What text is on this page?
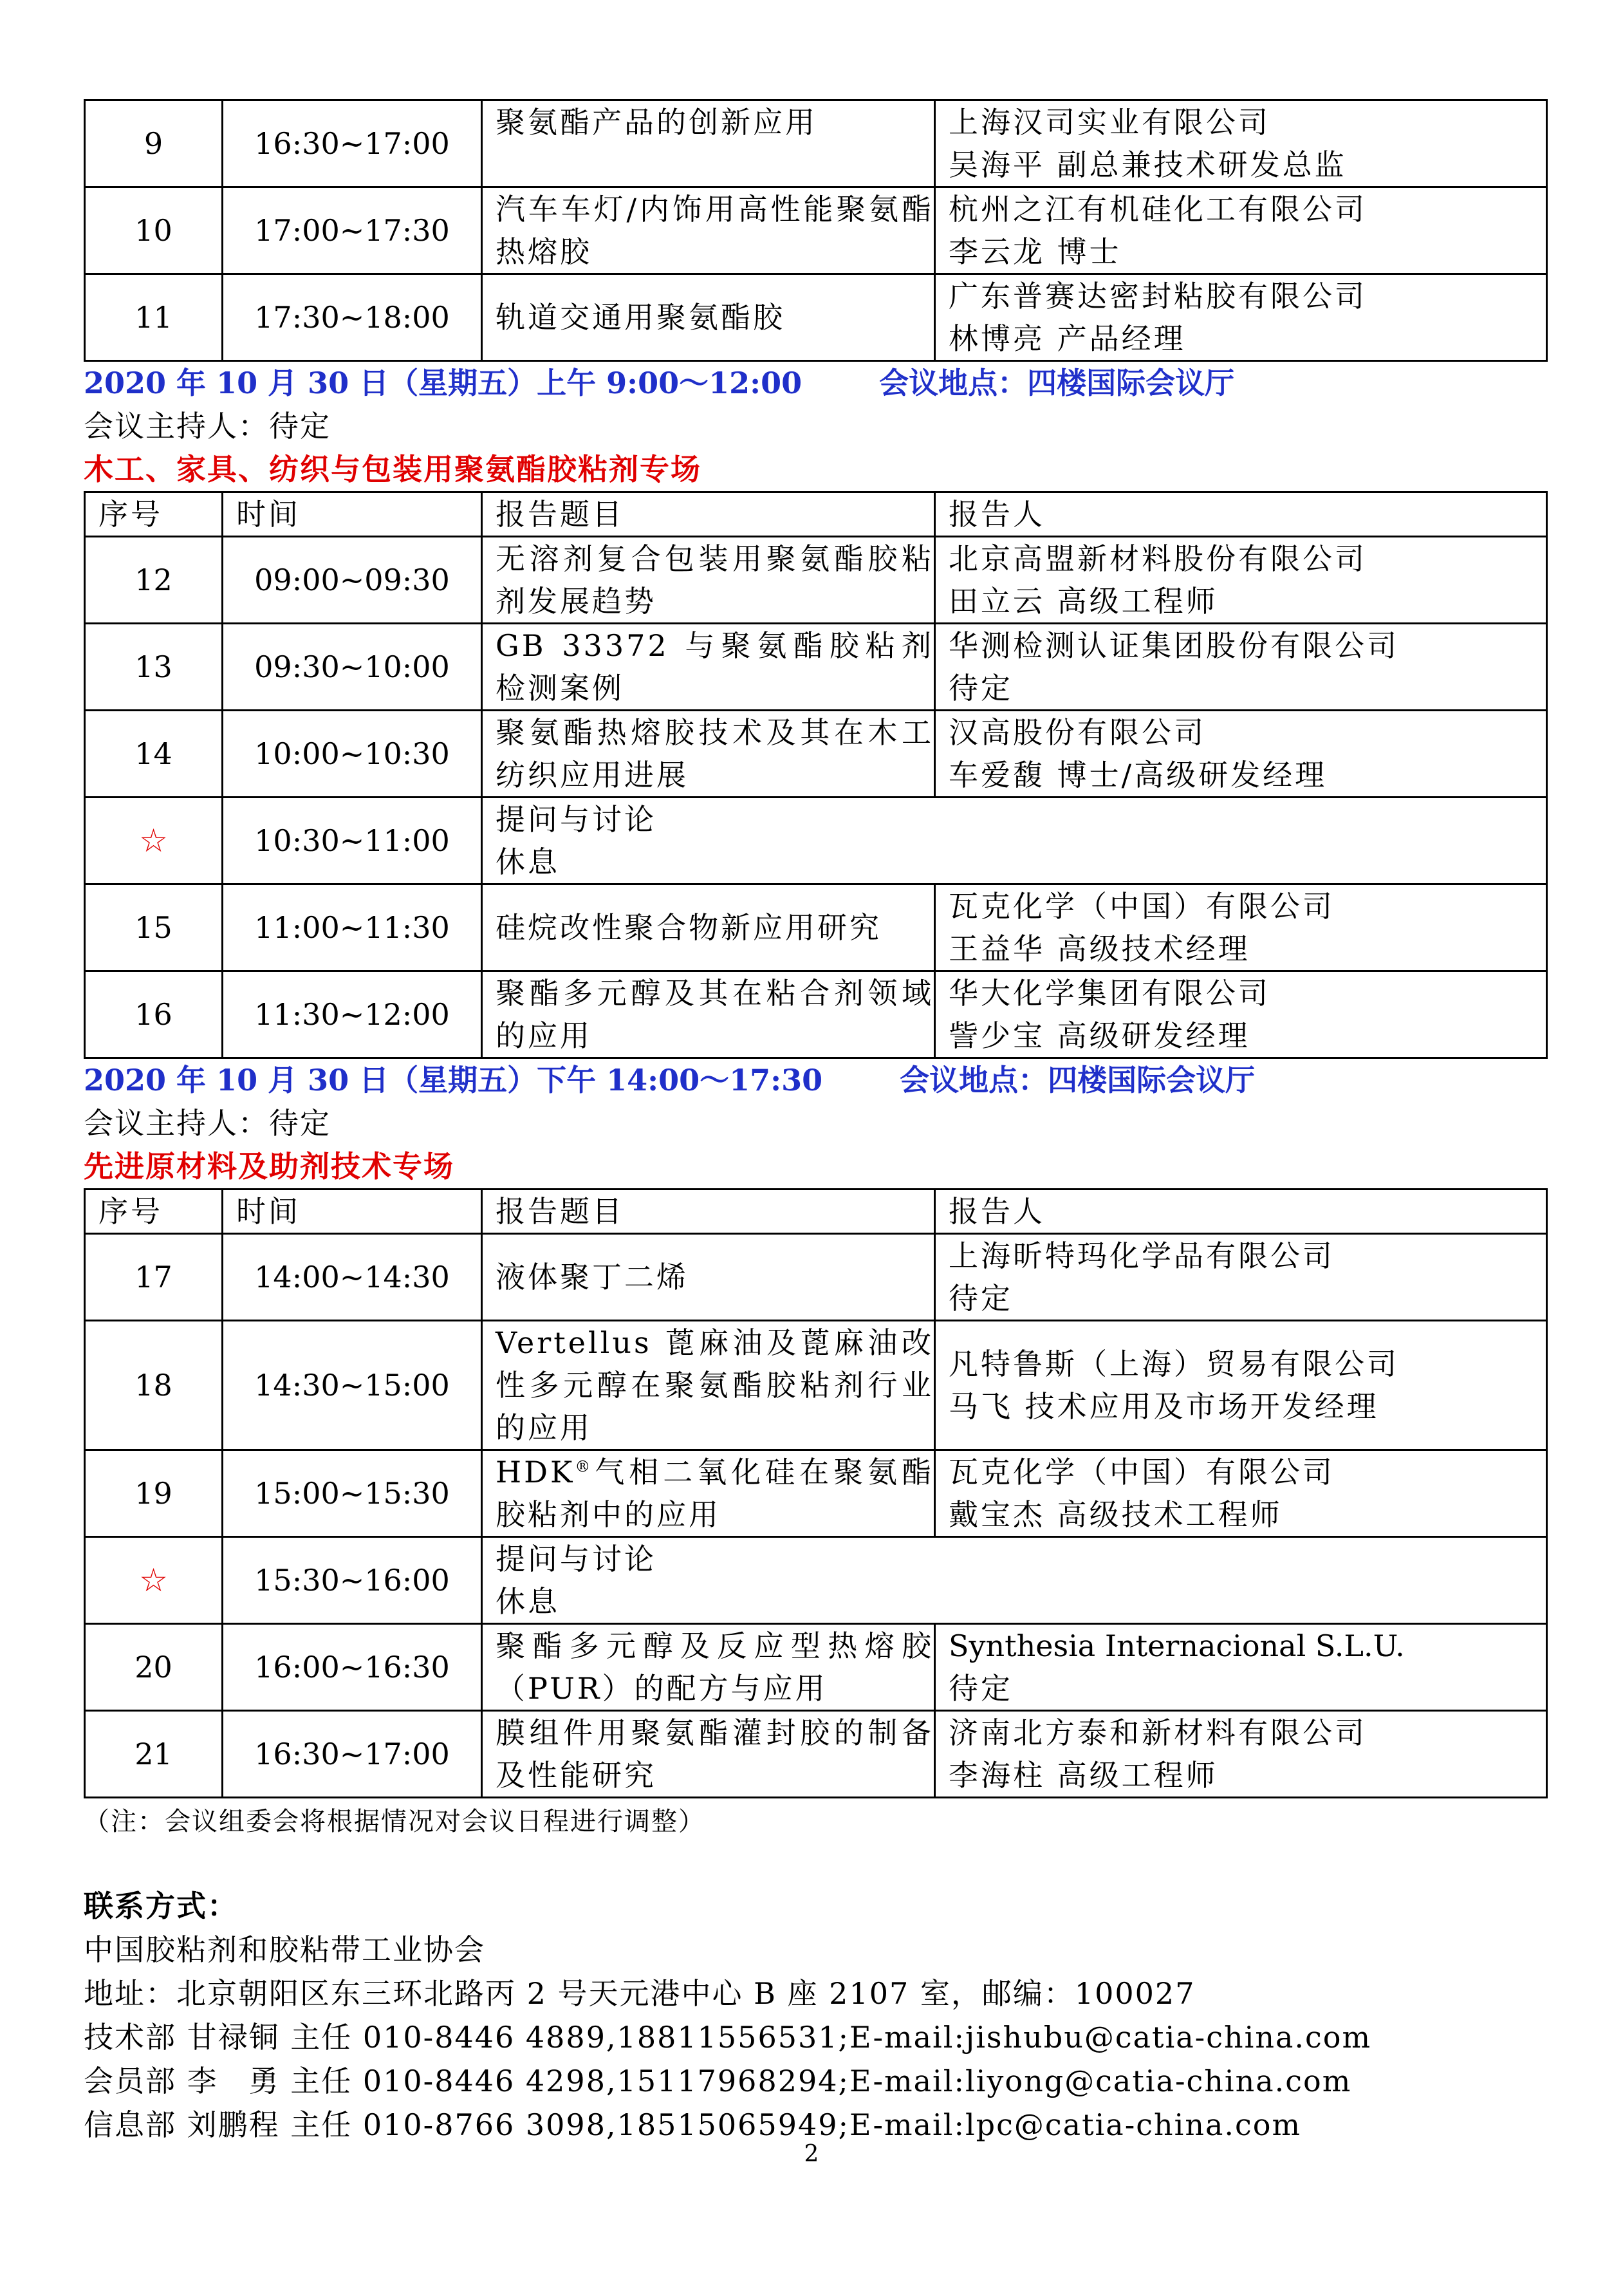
9	16:30~17:00	聚氨酯产品的创新应用	上海汉司实业有限公司
吴海平 副总兼技术研发总监

10	17:00~17:30	汽车车灯/内饰用高性能聚氨酯热熔胶	杭州之江有机硅化工有限公司
李云龙 博士

11	17:30~18:00	轨道交通用聚氨酯胶	广东普赛达密封粘胶有限公司
林博亮 产品经理
2020 年 10 月 30 日（星期五）上午 9:00～12:00	会议地点：四楼国际会议厅
会议主持人：待定
木工、家具、纺织与包装用聚氨酯胶粘剂专场
序号	时间	报告题目	报告人
12	09:00~09:30	无溶剂复合包装用聚氨酯胶粘剂发展趋势	北京高盟新材料股份有限公司
田立云 高级工程师

13	09:30~10:00	GB 33372 与聚氨酯胶粘剂检测案例	华测检测认证集团股份有限公司
待定

14	10:00~10:30	聚氨酯热熔胶技术及其在木工纺织应用进展	汉高股份有限公司
车爱馥 博士/高级研发经理

☆	10:30~11:00	提问与讨论
休息	

15	11:00~11:30	硅烷改性聚合物新应用研究	瓦克化学（中国）有限公司
王益华 高级技术经理

16	11:30~12:00	聚酯多元醇及其在粘合剂领域的应用	华大化学集团有限公司
訾少宝 高级研发经理
2020 年 10 月 30 日（星期五）下午 14:00～17:30	会议地点：四楼国际会议厅
会议主持人：待定
先进原材料及助剂技术专场
序号	时间	报告题目	报告人
17	14:00~14:30	液体聚丁二烯	上海昕特玛化学品有限公司
待定

18	14:30~15:00	Vertellus 蓖麻油及蓖麻油改性多元醇在聚氨酯胶粘剂行业的应用	凡特鲁斯（上海）贸易有限公司
马飞 技术应用及市场开发经理

19	15:00~15:30	HDK®气相二氧化硅在聚氨酯胶粘剂中的应用	瓦克化学（中国）有限公司
戴宝杰 高级技术工程师

☆	15:30~16:00	提问与讨论
休息	

20	16:00~16:30	聚酯多元醇及反应型热熔胶（PUR）的配方与应用	Synthesia Internacional S.L.U.
待定

21	16:30~17:00	膜组件用聚氨酯灌封胶的制备及性能研究	济南北方泰和新材料有限公司
李海柱 高级工程师
（注：会议组委会将根据情况对会议日程进行调整）
联系方式：
中国胶粘剂和胶粘带工业协会
地址：北京朝阳区东三环北路丙 2 号天元港中心 B 座 2107 室，邮编：100027
技术部 甘禄铜 主任 010-8446 4889,18811556531;E-mail:jishubu@catia-china.com
会员部 李　勇 主任 010-8446 4298,15117968294;E-mail:liyong@catia-china.com
信息部 刘鹏程 主任 010-8766 3098,18515065949;E-mail:lpc@catia-china.com
2
